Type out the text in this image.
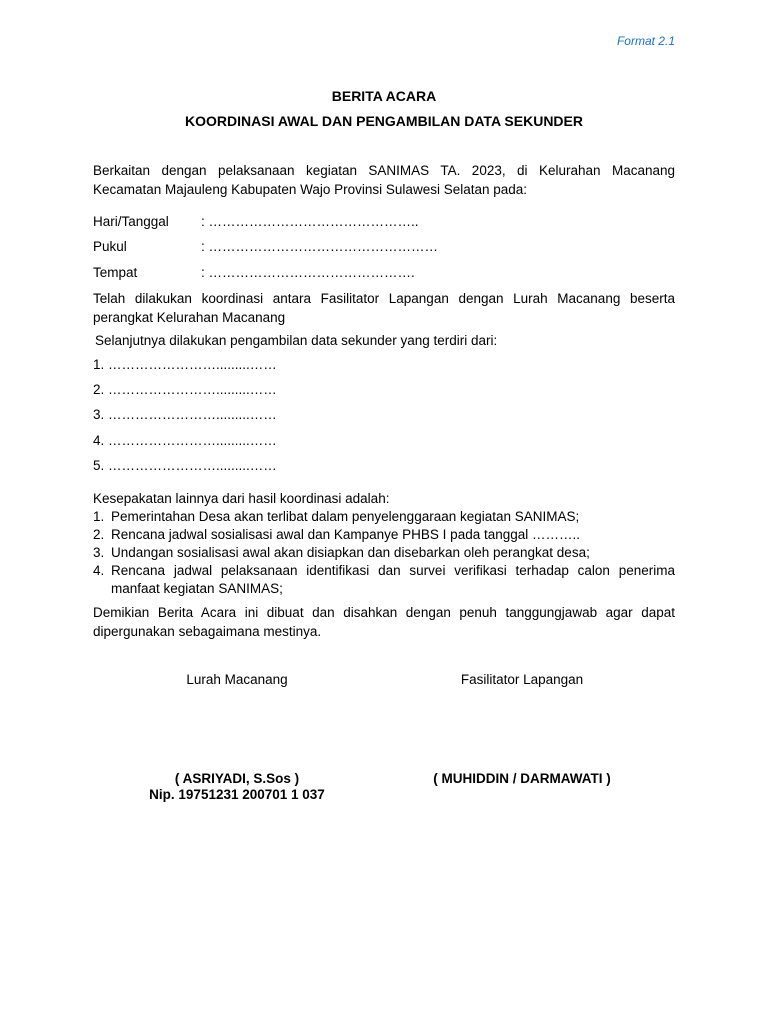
Format 2.1
BERITA ACARA
KOORDINASI AWAL DAN PENGAMBILAN DATA SEKUNDER
Berkaitan dengan pelaksanaan kegiatan SANIMAS TA. 2023, di Kelurahan Macanang Kecamatan Majauleng Kabupaten Wajo Provinsi Sulawesi Selatan pada:
Hari/Tanggal : ………………………………………..
Pukul	: ……………………………………………
Tempat	: ……………………………………….
Telah dilakukan koordinasi antara Fasilitator Lapangan dengan Lurah Macanang beserta perangkat Kelurahan Macanang
Selanjutnya dilakukan pengambilan data sekunder yang terdiri dari:
1. …………………….........……
2. …………………….........……
3. …………………….........……
4. …………………….........……
5. …………………….........……
Kesepakatan lainnya dari hasil koordinasi adalah:
1. Pemerintahan Desa akan terlibat dalam penyelenggaraan kegiatan SANIMAS;
2. Rencana jadwal sosialisasi awal dan Kampanye PHBS I pada tanggal ………..
3. Undangan sosialisasi awal akan disiapkan dan disebarkan oleh perangkat desa;
4. Rencana jadwal pelaksanaan identifikasi dan survei verifikasi terhadap calon penerima manfaat kegiatan SANIMAS;
Demikian Berita Acara ini dibuat dan disahkan dengan penuh tanggungjawab agar dapat dipergunakan sebagaimana mestinya.
Lurah Macanang	Fasilitator Lapangan
( ASRIYADI, S.Sos )
Nip. 19751231 200701 1 037
( MUHIDDIN / DARMAWATI )
